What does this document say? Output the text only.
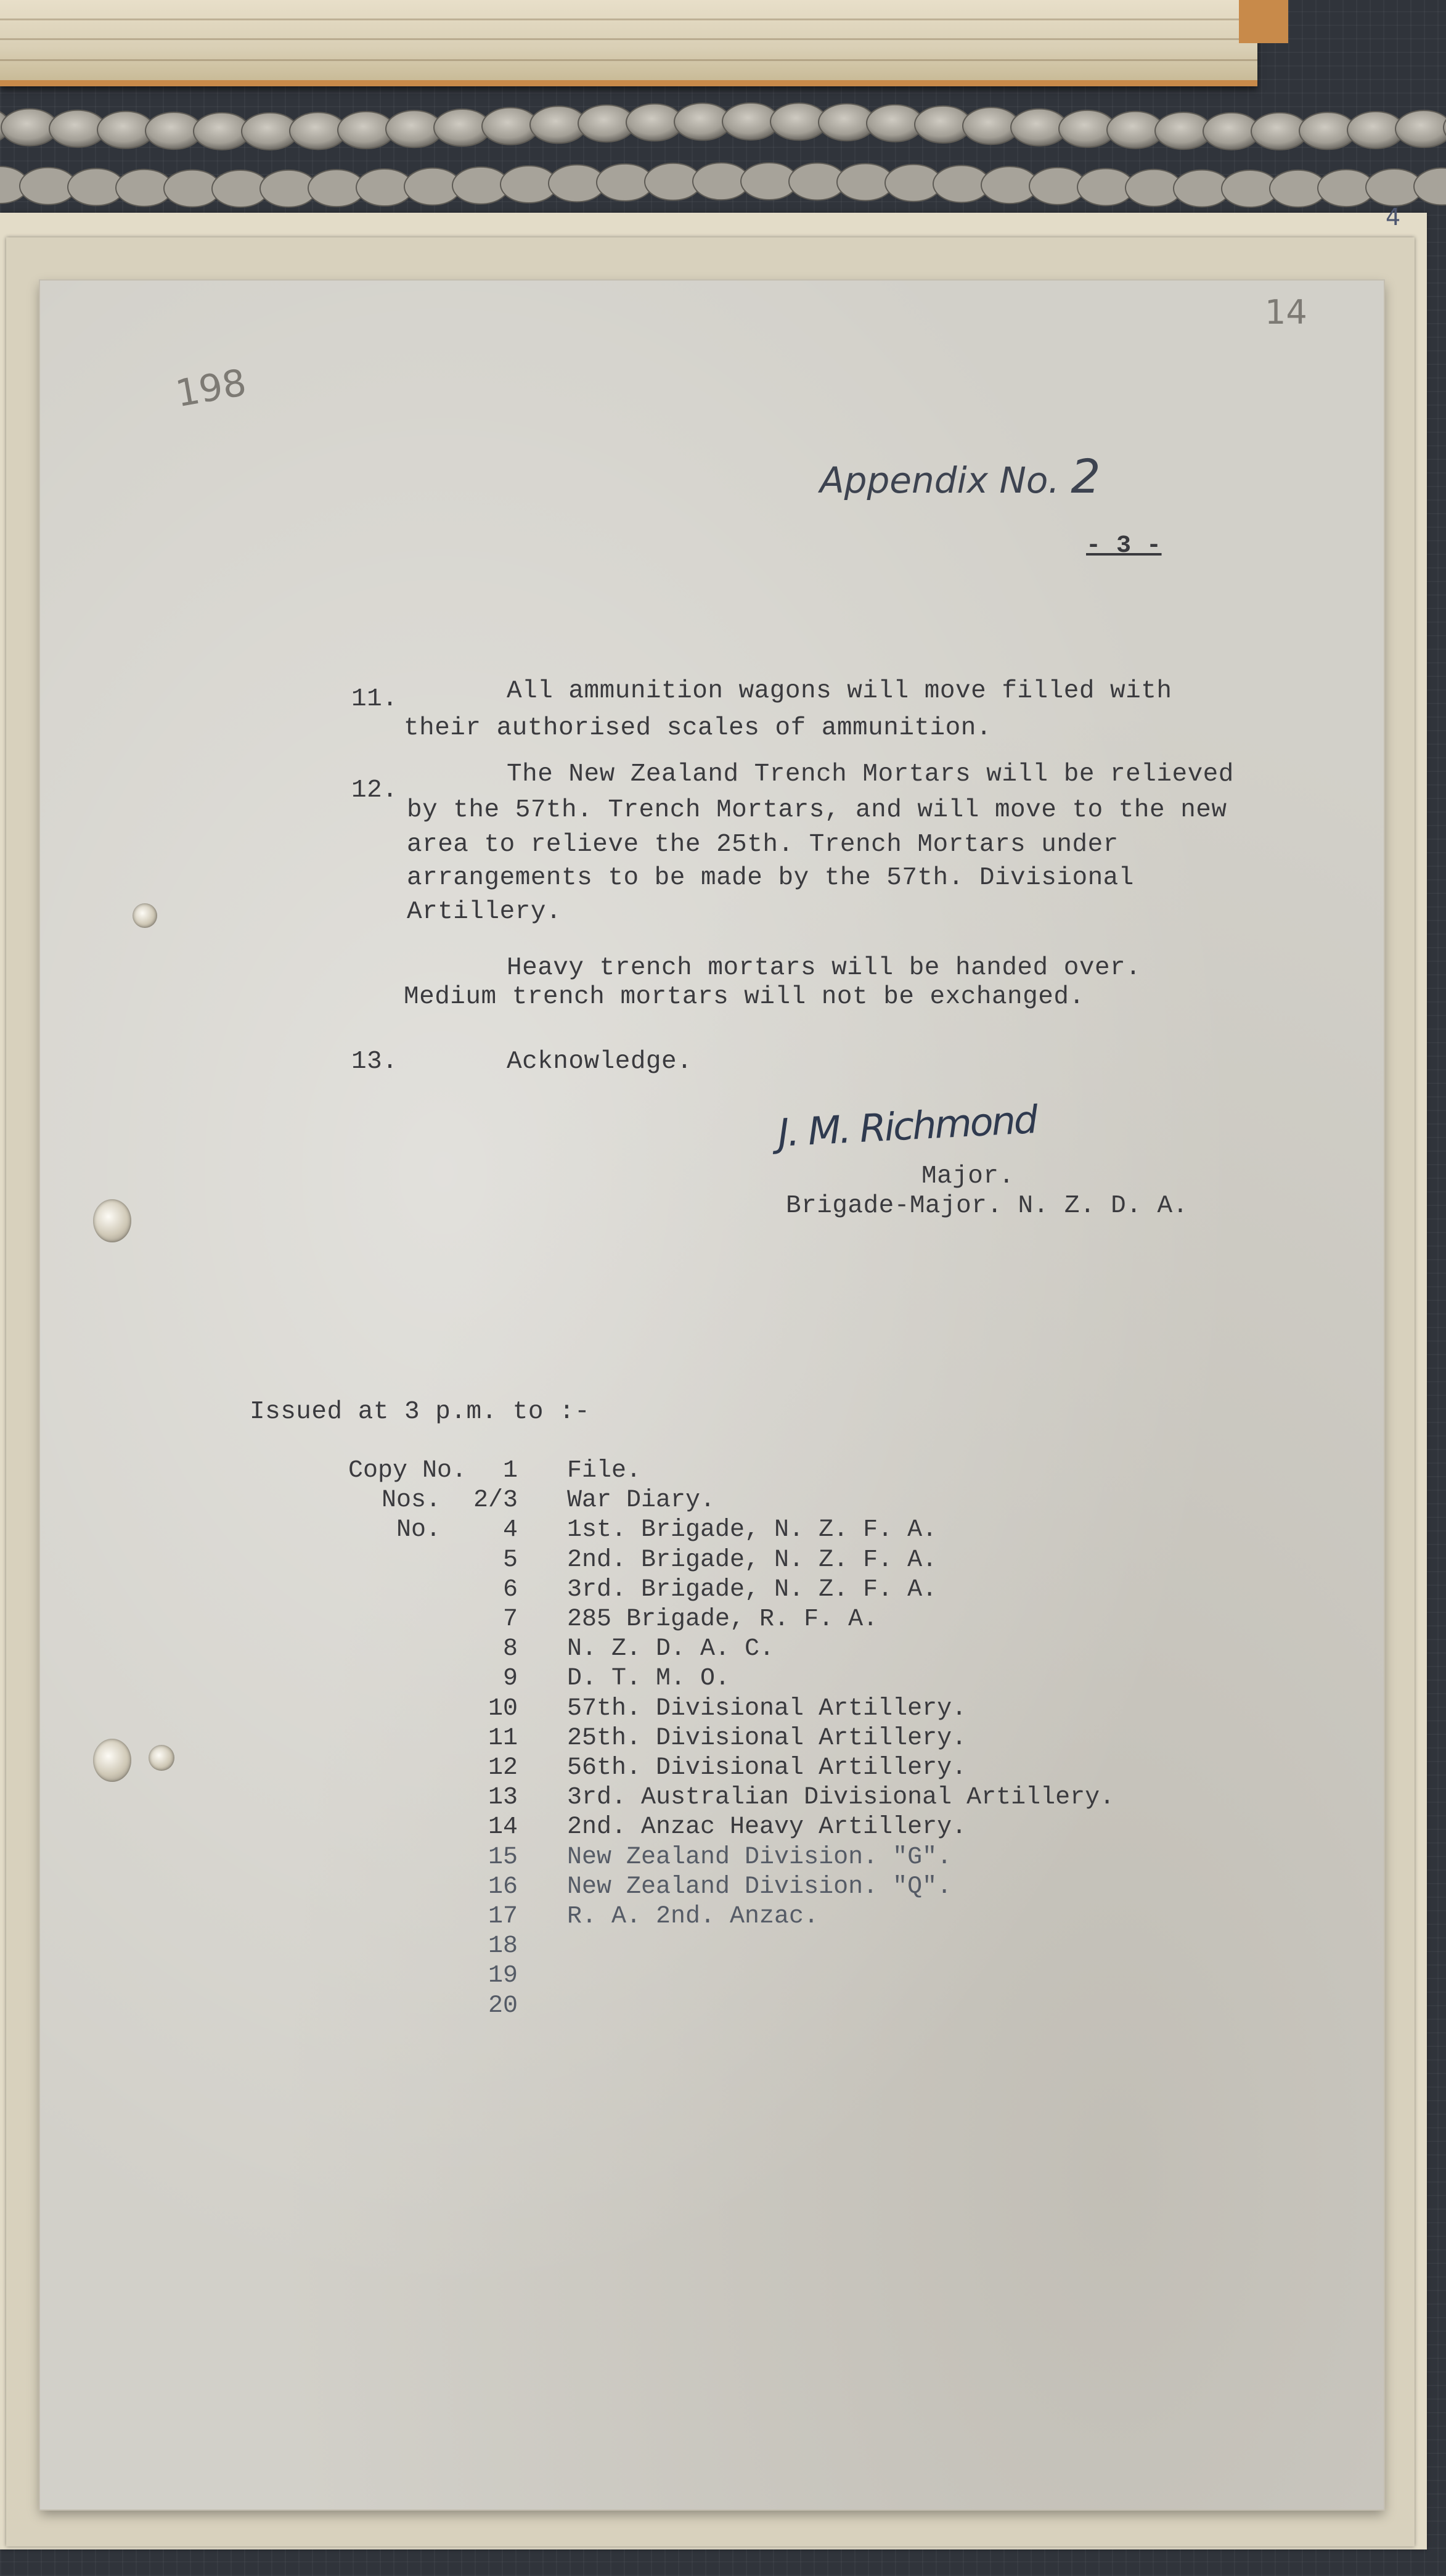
198
14
4
Appendix No. 2
- 3 -
11.	All ammunition wagons will move filled with
their authorised scales of ammunition.
12.
The New Zealand Trench Mortars will be relieved
by the 57th. Trench Mortars, and will move to the new
area to relieve the 25th. Trench Mortars under
arrangements to be made by the 57th. Divisional
Artillery.
Heavy trench mortars will be handed over.
Medium trench mortars will not be exchanged.
13.	Acknowledge.
J. M. Richmond
Major.
Brigade-Major. N. Z. D. A.
Issued at 3 p.m. to :-
Copy No.	1 File.
Nos.	2/3 War Diary.
No.	4 1st. Brigade, N. Z. F. A.
5 2nd. Brigade, N. Z. F. A.
6 3rd. Brigade, N. Z. F. A.
7 285 Brigade, R. F. A.
8 N. Z. D. A. C.
9 D. T. M. O.
10 57th. Divisional Artillery.
11 25th. Divisional Artillery.
12 56th. Divisional Artillery.
13 3rd. Australian Divisional Artillery.
14 2nd. Anzac Heavy Artillery.
15 New Zealand Division. "G".
16 New Zealand Division. "Q".
17 R. A. 2nd. Anzac.
18
19
20
